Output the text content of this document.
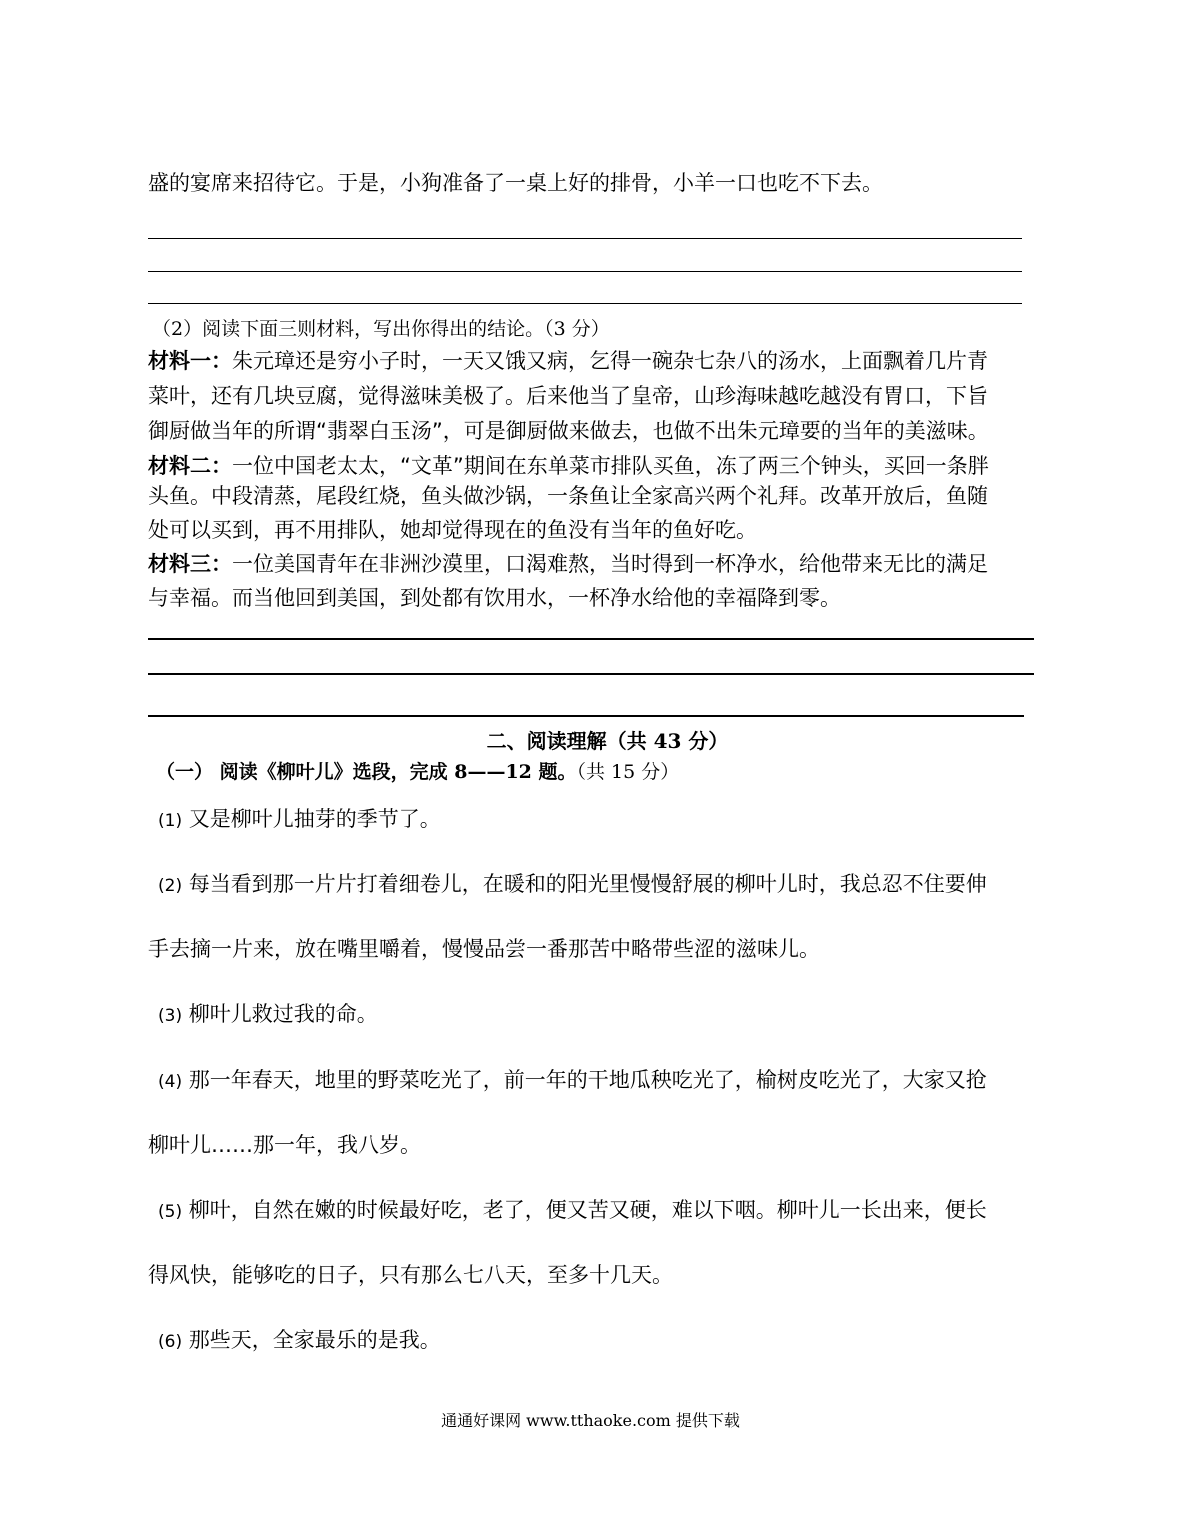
盛的宴席来招待它。于是，小狗准备了一桌上好的排骨，小羊一口也吃不下去。
（2）阅读下面三则材料，写出你得出的结论。（3 分）
材料一：朱元璋还是穷小子时，一天又饿又病，乞得一碗杂七杂八的汤水，上面飘着几片青
菜叶，还有几块豆腐，觉得滋味美极了。后来他当了皇帝，山珍海味越吃越没有胃口，下旨
御厨做当年的所谓“翡翠白玉汤”，可是御厨做来做去，也做不出朱元璋要的当年的美滋味。
材料二：一位中国老太太，“文革”期间在东单菜市排队买鱼，冻了两三个钟头，买回一条胖
头鱼。中段清蒸，尾段红烧，鱼头做沙锅，一条鱼让全家高兴两个礼拜。改革开放后，鱼随
处可以买到，再不用排队，她却觉得现在的鱼没有当年的鱼好吃。
材料三：一位美国青年在非洲沙漠里，口渴难熬，当时得到一杯净水，给他带来无比的满足
与幸福。而当他回到美国，到处都有饮用水，一杯净水给他的幸福降到零。
二、阅读理解（共 43 分）
（一） 阅读《柳叶儿》选段，完成 8——12 题。（共 15 分）
(1) 又是柳叶儿抽芽的季节了。
(2) 每当看到那一片片打着细卷儿，在暖和的阳光里慢慢舒展的柳叶儿时，我总忍不住要伸
手去摘一片来，放在嘴里嚼着，慢慢品尝一番那苦中略带些涩的滋味儿。
(3) 柳叶儿救过我的命。
(4) 那一年春天，地里的野菜吃光了，前一年的干地瓜秧吃光了，榆树皮吃光了，大家又抢
柳叶儿……那一年，我八岁。
(5) 柳叶，自然在嫩的时候最好吃，老了，便又苦又硬，难以下咽。柳叶儿一长出来，便长
得风快，能够吃的日子，只有那么七八天，至多十几天。
(6) 那些天，全家最乐的是我。
通通好课网 www.tthaoke.com 提供下载
